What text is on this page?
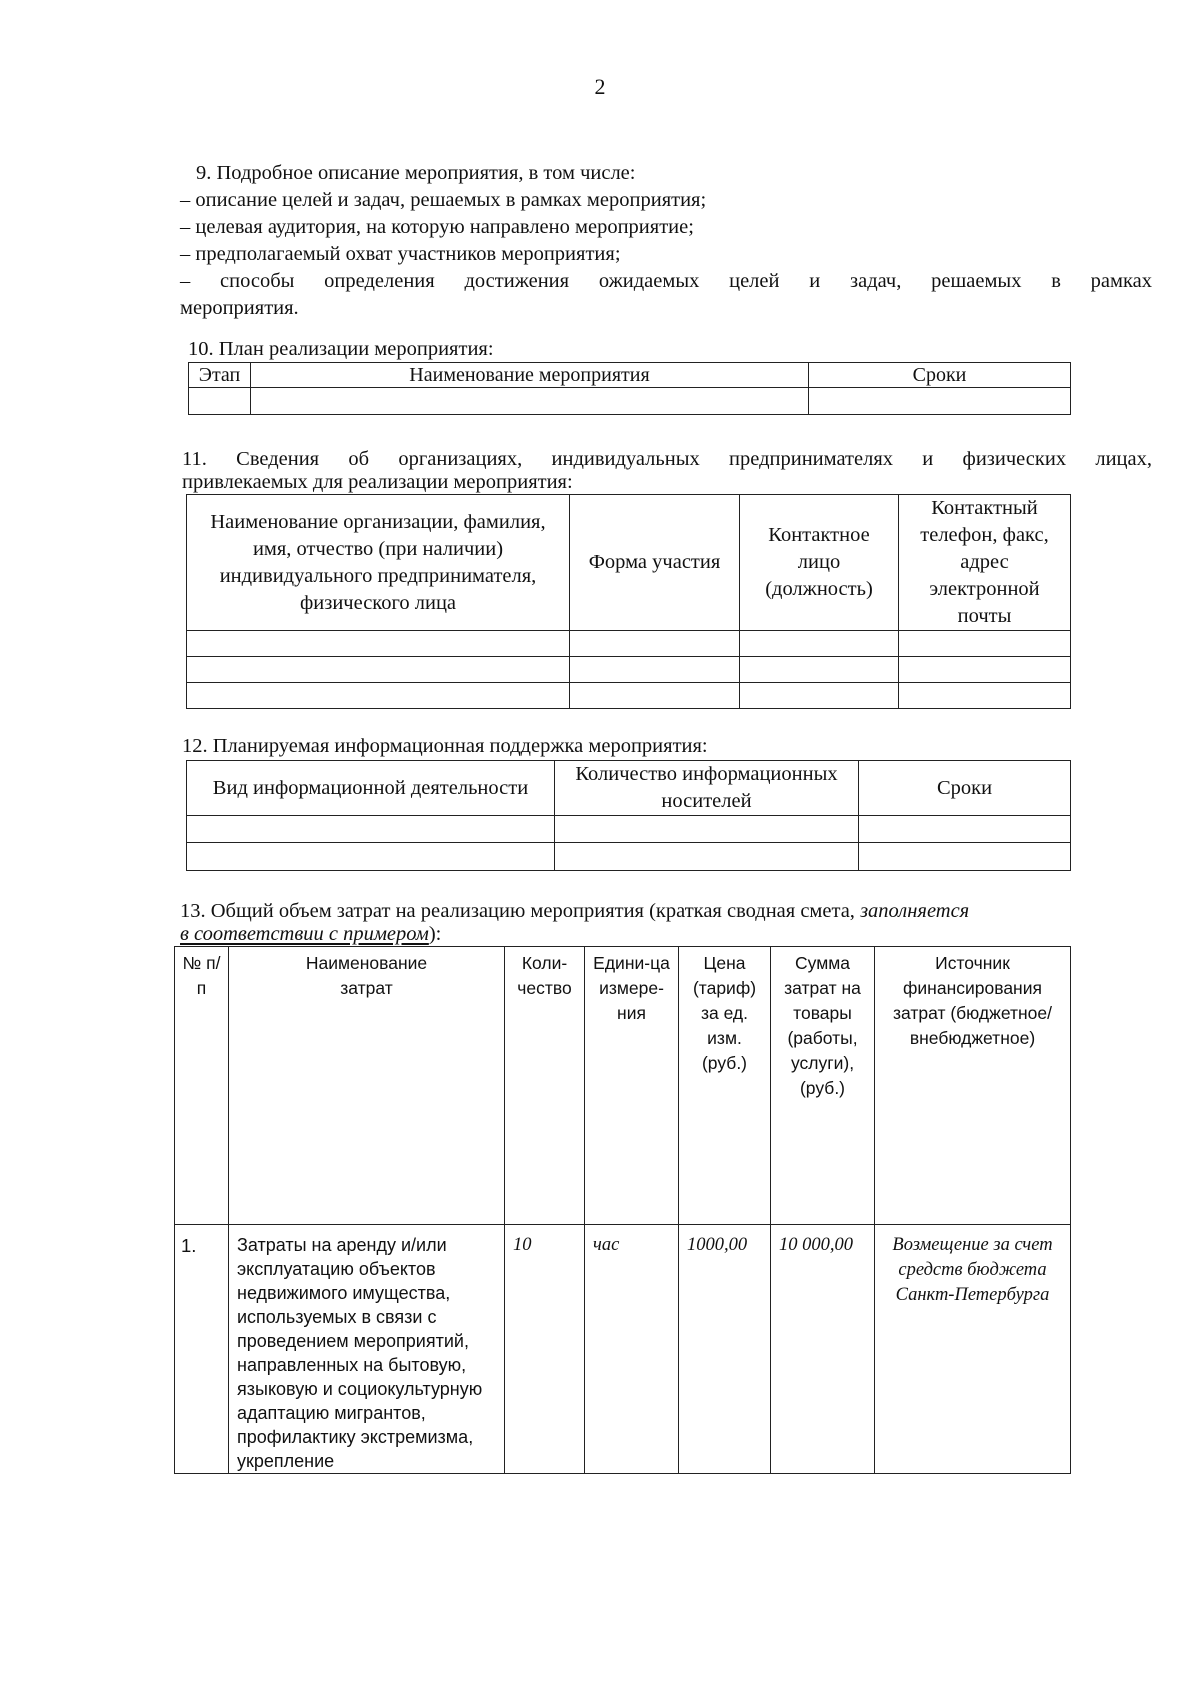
2
9. Подробное описание мероприятия, в том числе:
– описание целей и задач, решаемых в рамках мероприятия;
– целевая аудитория, на которую направлено мероприятие;
– предполагаемый охват участников мероприятия;
– способы определения достижения ожидаемых целей и задач, решаемых в рамках
мероприятия.
10. План реализации мероприятия:
Этап	Наименование мероприятия	Сроки

11. Сведения об организациях, индивидуальных предпринимателях и физических лицах,
привлекаемых для реализации мероприятия:
Наименование организации, фамилия, имя, отчество (при наличии) индивидуального предпринимателя, физического лица	Форма участия	Контактное лицо (должность)	Контактный телефон, факс, адрес электронной почты

12. Планируемая информационная поддержка мероприятия:
Вид информационной деятельности	Количество информационных носителей	Сроки

13. Общий объем затрат на реализацию мероприятия (краткая сводная смета, заполняется
в соответствии с примером):
№ п/п	Наименование затрат	Коли-чество	Едини-ца измере-ния	Цена (тариф) за ед. изм. (руб.)	Сумма затрат на товары (работы, услуги), (руб.)	Источник финансирования затрат (бюджетное/ внебюджетное)
1.	Затраты на аренду и/или эксплуатацию объектов недвижимого имущества, используемых в связи с проведением мероприятий, направленных на бытовую, языковую и социокультурную адаптацию мигрантов, профилактику экстремизма, укрепление	10	час	1000,00	10 000,00	Возмещение за счет средств бюджета Санкт-Петербурга
